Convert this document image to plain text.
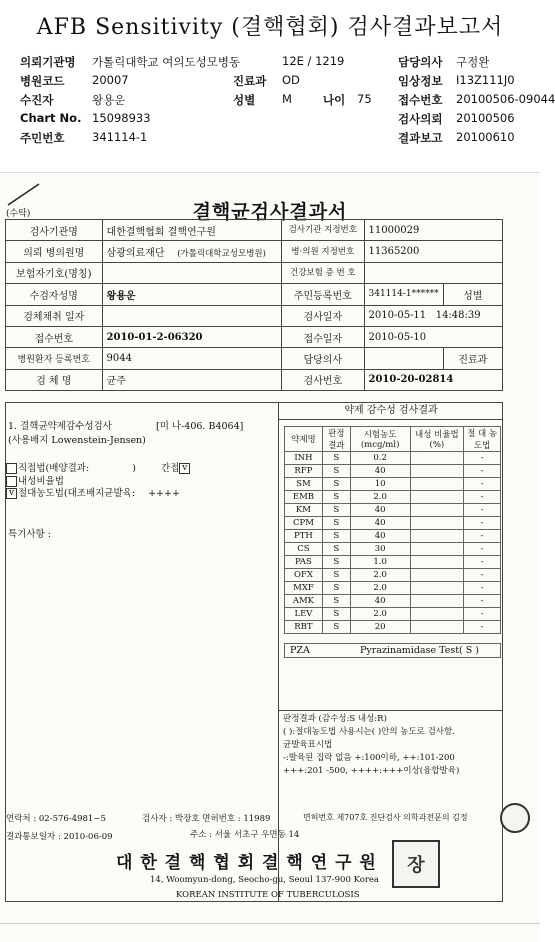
AFB Sensitivity (결핵협회) 검사결과보고서
의뢰기관명 가톨릭대학교 여의도성모병동	12E / 1219	담당의사 구정완
병원코드 20007	진료과 OD	임상정보 I13Z111J0
수진자	왕용운	성별 M	나이 75 접수번호 20100506-09044
Chart No. 15098933	검사의뢰 20100506
주민번호 341114-1	결과보고 20100610
(수탁)	결핵균검사결과서
검사기관명	대한결핵협회 결핵연구원	검사기관 지정번호	11000029	
의뢰 병의원명	삼광의료재단 (가톨릭대학교성모병원)	병·의원 지정번호	11365200	
보험자기호(명칭)		건강보험 증 번 호		
수검자성명	왕용운	주민등록번호	341114-1******	성별
검체채취 일자		검사일자	2010-05-11 14:48:39	
접수번호	2010-01-2-06320	접수일자	2010-05-10	
병원환자 등록번호	9044	담당의사		진료과
검 체 명	균주	검사번호	2010-20-02814	
1. 결핵균약제감수성검사	[미 나-406. B4064]
(사용배지 Lowenstein-Jensen)
직접법(배양결과:	)	간접 v
내성비율법
v 절대농도법(대조배지균발육: ++++
특기사항 :
약제 감수성 검사결과
약제명	판정 결과	시험농도 (mcg/ml)	내성 비율법(%)	절 대 농도법
INH	S	0.2		-
RFP	S	40		-
SM	S	10		-
EMB	S	2.0		-
KM	S	40		-
CPM	S	40		-
PTH	S	40		-
CS	S	30		-
PAS	S	1.0		-
OFX	S	2.0		-
MXF	S	2.0		-
AMK	S	40		-
LEV	S	2.0		-
RBT	S	20		-
PZA	Pyrazinamidase Test( S )
판정결과 (감수성:S 내성:R)
( ):절대농도법 사용시는( )안의 농도로 검사함.
균발육표시법
-:발육된 집락 없음 +:100이하, ++:101-200
+++:201 -500, ++++:+++이상(융합발육)
연락처 : 02-576-4981~5	검사자 : 박장호 면허번호 : 11989	면허번호 제707호 진단검사 의학과전문의 김정
결과통보일자 : 2010-06-09	주소 : 서울 서초구 우면동 14
대 한 결 핵 협 회 결 핵 연 구 원
14, Woomyun-dong, Seocho-gu, Seoul 137-900 Korea
KOREAN INSTITUTE OF TUBERCULOSIS
장
